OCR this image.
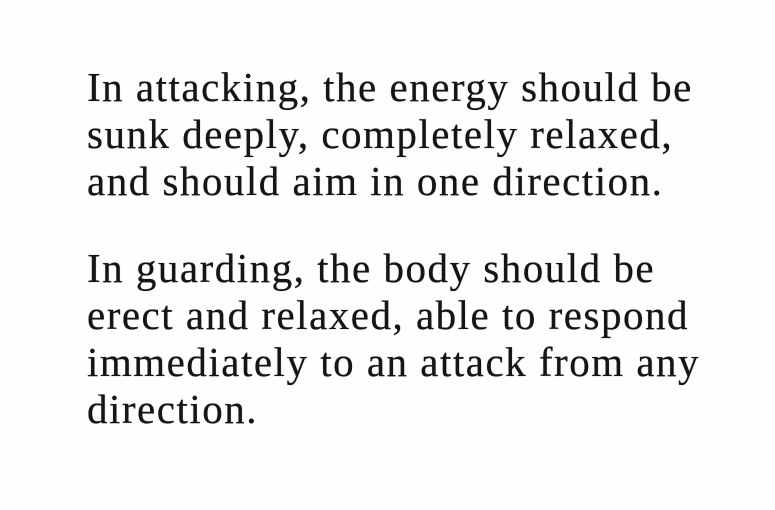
In attacking, the energy should be
sunk deeply, completely relaxed,
and should aim in one direction.
In guarding, the body should be
erect and relaxed, able to respond
immediately to an attack from any
direction.
